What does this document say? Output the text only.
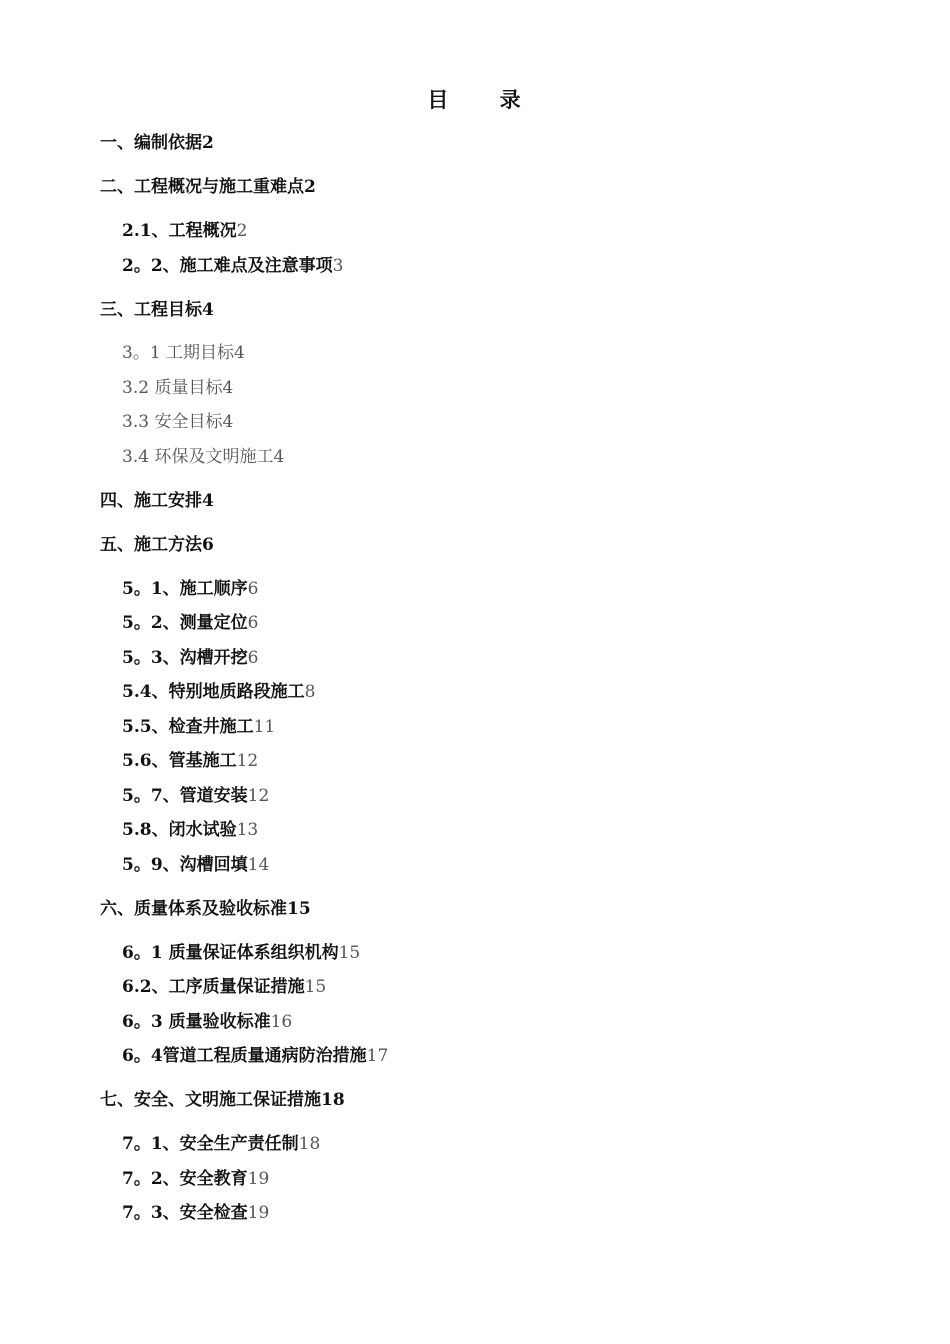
目 录
一、编制依据2
二、工程概况与施工重难点2
2.1、工程概况2
2。2、施工难点及注意事项3
三、工程目标4
3。1 工期目标4
3.2 质量目标4
3.3 安全目标4
3.4 环保及文明施工4
四、施工安排4
五、施工方法6
5。1、施工顺序6
5。2、测量定位6
5。3、沟槽开挖6
5.4、特别地质路段施工8
5.5、检查井施工11
5.6、管基施工12
5。7、管道安装12
5.8、闭水试验13
5。9、沟槽回填14
六、质量体系及验收标准15
6。1 质量保证体系组织机构15
6.2、工序质量保证措施15
6。3 质量验收标准16
6。4管道工程质量通病防治措施17
七、安全、文明施工保证措施18
7。1、安全生产责任制18
7。2、安全教育19
7。3、安全检查19
